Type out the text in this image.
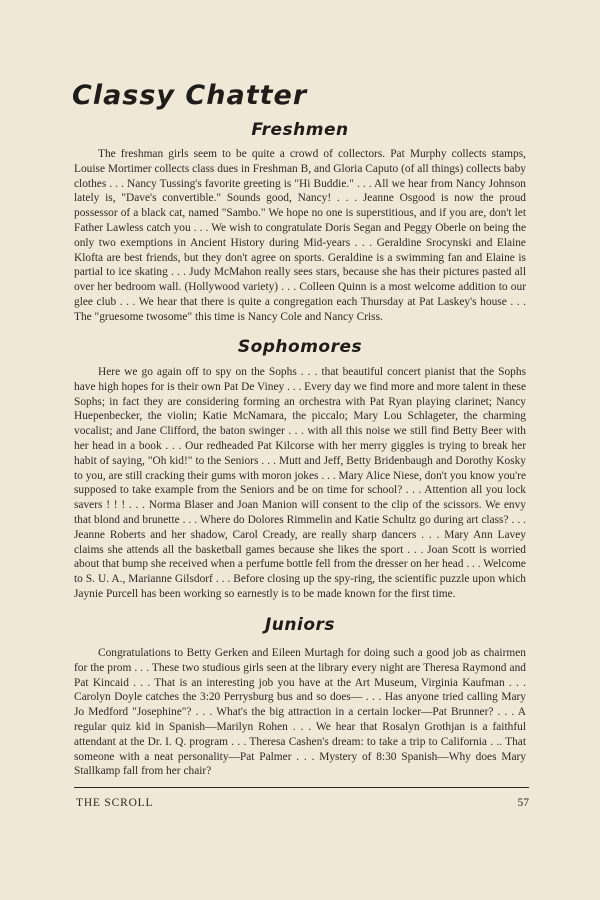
Classy Chatter
Freshmen

The freshman girls seem to be quite a crowd of collectors. Pat Murphy collects stamps, Louise Mortimer collects class dues in Freshman B, and Gloria Caputo (of all things) collects baby clothes . . . Nancy Tussing's favorite greeting is "Hi Buddie." . . . All we hear from Nancy Johnson lately is, "Dave's convertible." Sounds good, Nancy! . . . Jeanne Osgood is now the proud possessor of a black cat, named "Sambo." We hope no one is superstitious, and if you are, don't let Father Lawless catch you . . . We wish to congratulate Doris Segan and Peggy Oberle on being the only two exemptions in Ancient History during Mid-years . . . Geraldine Srocynski and Elaine Klofta are best friends, but they don't agree on sports. Geraldine is a swimming fan and Elaine is partial to ice skating . . . Judy McMahon really sees stars, because she has their pictures pasted all over her bedroom wall. (Hollywood variety) . . . Colleen Quinn is a most welcome addition to our glee club . . . We hear that there is quite a congregation each Thursday at Pat Laskey's house . . . The "gruesome twosome" this time is Nancy Cole and Nancy Criss.

Sophomores

Here we go again off to spy on the Sophs . . . that beautiful concert pianist that the Sophs have high hopes for is their own Pat De Viney . . . Every day we find more and more talent in these Sophs; in fact they are considering forming an orchestra with Pat Ryan playing clarinet; Nancy Huepenbecker, the violin; Katie McNamara, the piccalo; Mary Lou Schlageter, the charming vocalist; and Jane Clifford, the baton swinger . . . with all this noise we still find Betty Beer with her head in a book . . . Our redheaded Pat Kilcorse with her merry giggles is trying to break her habit of saying, "Oh kid!" to the Seniors . . . Mutt and Jeff, Betty Bridenbaugh and Dorothy Kosky to you, are still cracking their gums with moron jokes . . . Mary Alice Niese, don't you know you're supposed to take example from the Seniors and be on time for school? . . . Attention all you lock savers ! ! ! . . . Norma Blaser and Joan Manion will consent to the clip of the scissors. We envy that blond and brunette . . . Where do Dolores Rimmelin and Katie Schultz go during art class? . . . Jeanne Roberts and her shadow, Carol Cready, are really sharp dancers . . . Mary Ann Lavey claims she attends all the basketball games because she likes the sport . . . Joan Scott is worried about that bump she received when a perfume bottle fell from the dresser on her head . . . Welcome to S. U. A., Marianne Gilsdorf . . . Before closing up the spy-ring, the scientific puzzle upon which Jaynie Purcell has been working so earnestly is to be made known for the first time.

Juniors

Congratulations to Betty Gerken and Eileen Murtagh for doing such a good job as chairmen for the prom . . . These two studious girls seen at the library every night are Theresa Raymond and Pat Kincaid . . . That is an interesting job you have at the Art Museum, Virginia Kaufman . . . Carolyn Doyle catches the 3:20 Perrysburg bus and so does— . . . Has anyone tried calling Mary Jo Medford "Josephine"? . . . What's the big attraction in a certain locker—Pat Brunner? . . . A regular quiz kid in Spanish—Marilyn Rohen . . . We hear that Rosalyn Grothjan is a faithful attendant at the Dr. I. Q. program . . . Theresa Cashen's dream: to take a trip to California . .. That someone with a neat personality—Pat Palmer . . . Mystery of 8:30 Spanish—Why does Mary Stallkamp fall from her chair?

THE SCROLL	57
